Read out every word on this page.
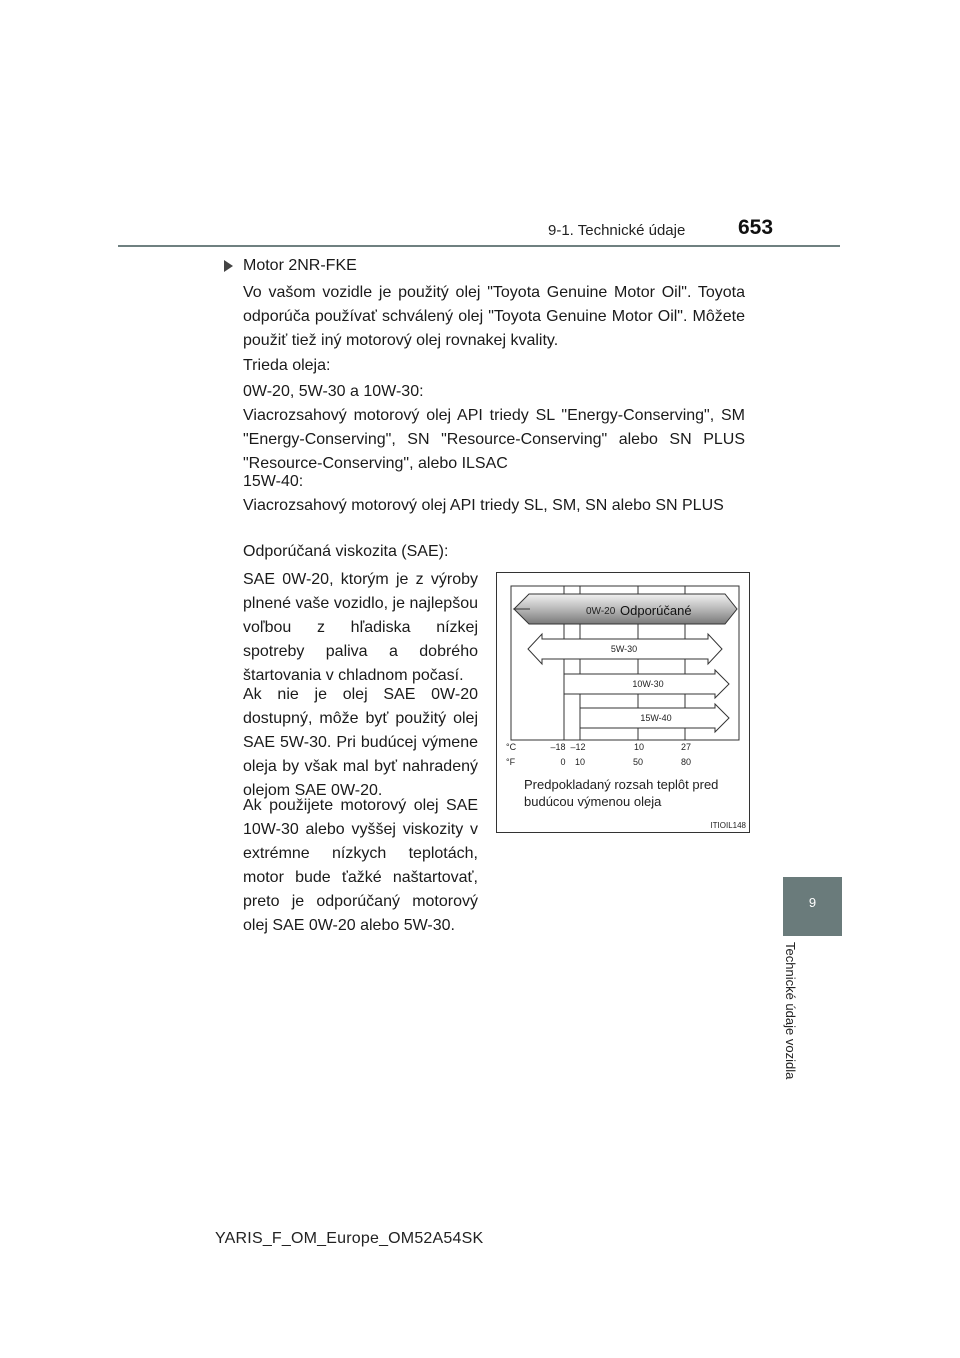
9-1. Technické údaje	653
9
Technické údaje vozidla
Motor 2NR-FKE
Vo vašom vozidle je použitý olej "Toyota Genuine Motor Oil". Toyota odporúča používať schválený olej "Toyota Genuine Motor Oil". Môžete použiť tiež iný motorový olej rovnakej kvality.
Trieda oleja:
0W-20, 5W-30 a 10W-30:
Viacrozsahový motorový olej API triedy SL "Energy-Conserving", SM "Energy-Conserving", SN "Resource-Conserving" alebo SN PLUS "Resource-Conserving", alebo ILSAC
15W-40:
Viacrozsahový motorový olej API triedy SL, SM, SN alebo SN PLUS
Odporúčaná viskozita (SAE):
SAE 0W-20, ktorým je z výroby plnené vaše vozidlo, je najlepšou voľbou z hľadiska nízkej spotreby paliva a dobrého štartovania v chladnom počasí.
Ak nie je olej SAE 0W-20 dostupný, môže byť použitý olej SAE 5W-30. Pri budúcej výmene oleja by však mal byť nahradený olejom SAE 0W-20.
Ak použijete motorový olej SAE 10W-30 alebo vyššej viskozity v extrémne nízkych teplotách, motor bude ťažké naštartovať, preto je odporúčaný motorový olej SAE 0W-20 alebo 5W-30.
0W-20 Odporúčané
5W-30
10W-30
15W-40
°C
°F
–18 –12	10	27
0 10	50	80
Predpokladaný rozsah teplôt pred budúcou výmenou oleja
ITIOIL148
YARIS_F_OM_Europe_OM52A54SK
